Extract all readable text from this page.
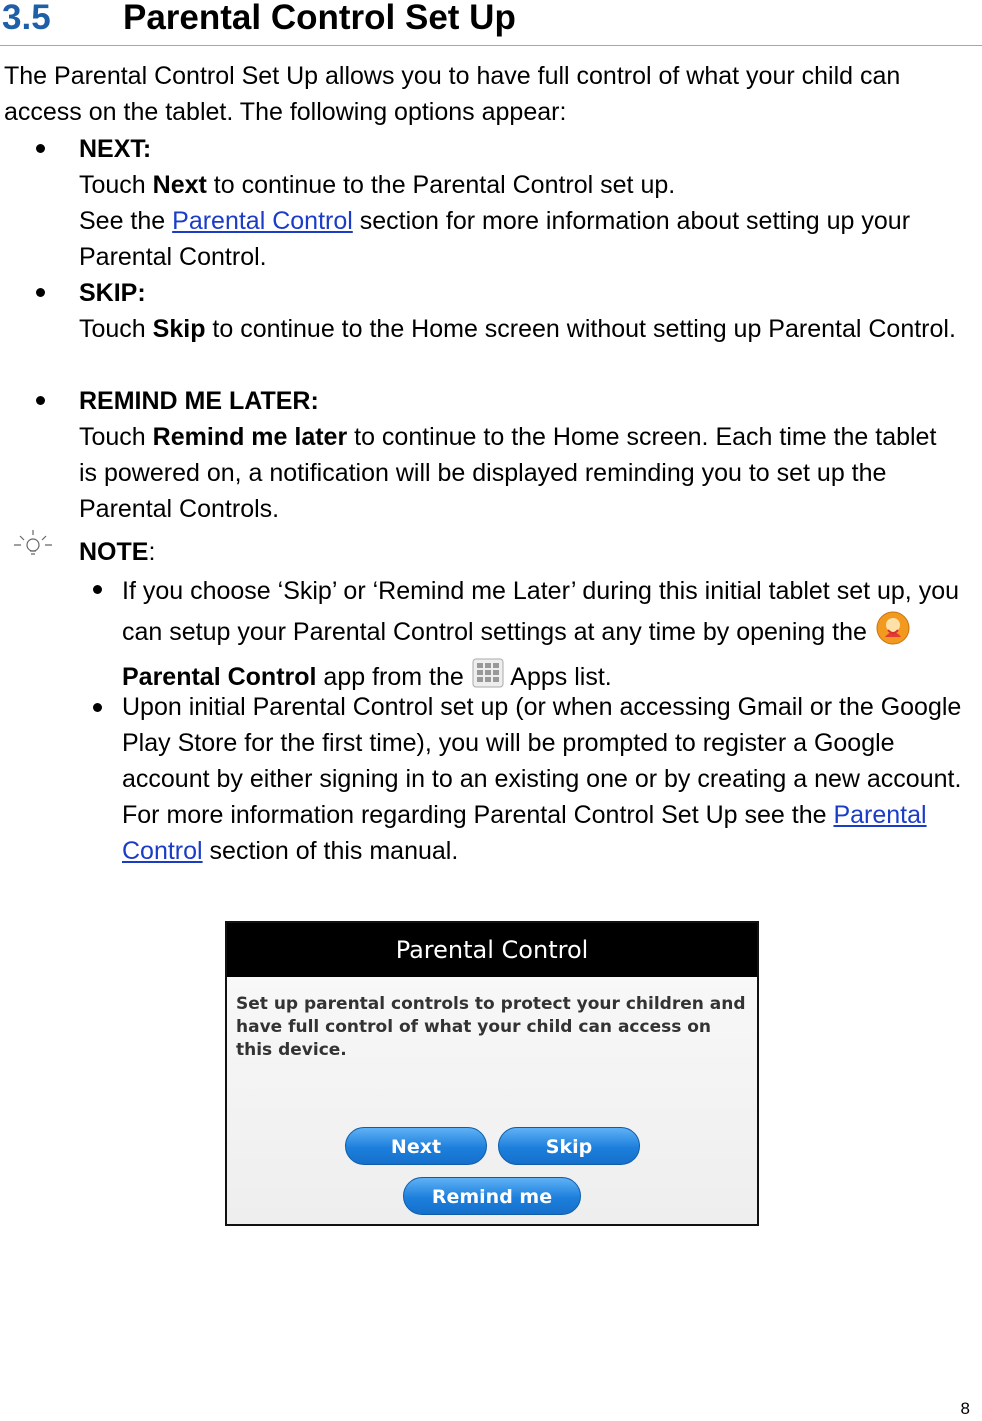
3.5 Parental Control Set Up

The Parental Control Set Up allows you to have full control of what your child can access on the tablet. The following options appear:

NEXT:

Touch Next to continue to the Parental Control set up.

See the Parental Control section for more information about setting up your Parental Control.

SKIP:

Touch Skip to continue to the Home screen without setting up Parental Control.

REMIND ME LATER:

Touch Remind me later to continue to the Home screen. Each time the tablet is powered on, a notification will be displayed reminding you to set up the Parental Controls.

NOTE:

If you choose ‘Skip’ or ‘Remind me Later’ during this initial tablet set up, you can setup your Parental Control settings at any time by opening the Parental Control app from the  Apps list.

Upon initial Parental Control set up (or when accessing Gmail or the Google Play Store for the first time), you will be prompted to register a Google account by either signing in to an existing one or by creating a new account. For more information regarding Parental Control Set Up see the Parental Control section of this manual.

Parental Control
Set up parental controls to protect your children and have full control of what your child can access on this device.
Next	Skip
Remind me later
8
